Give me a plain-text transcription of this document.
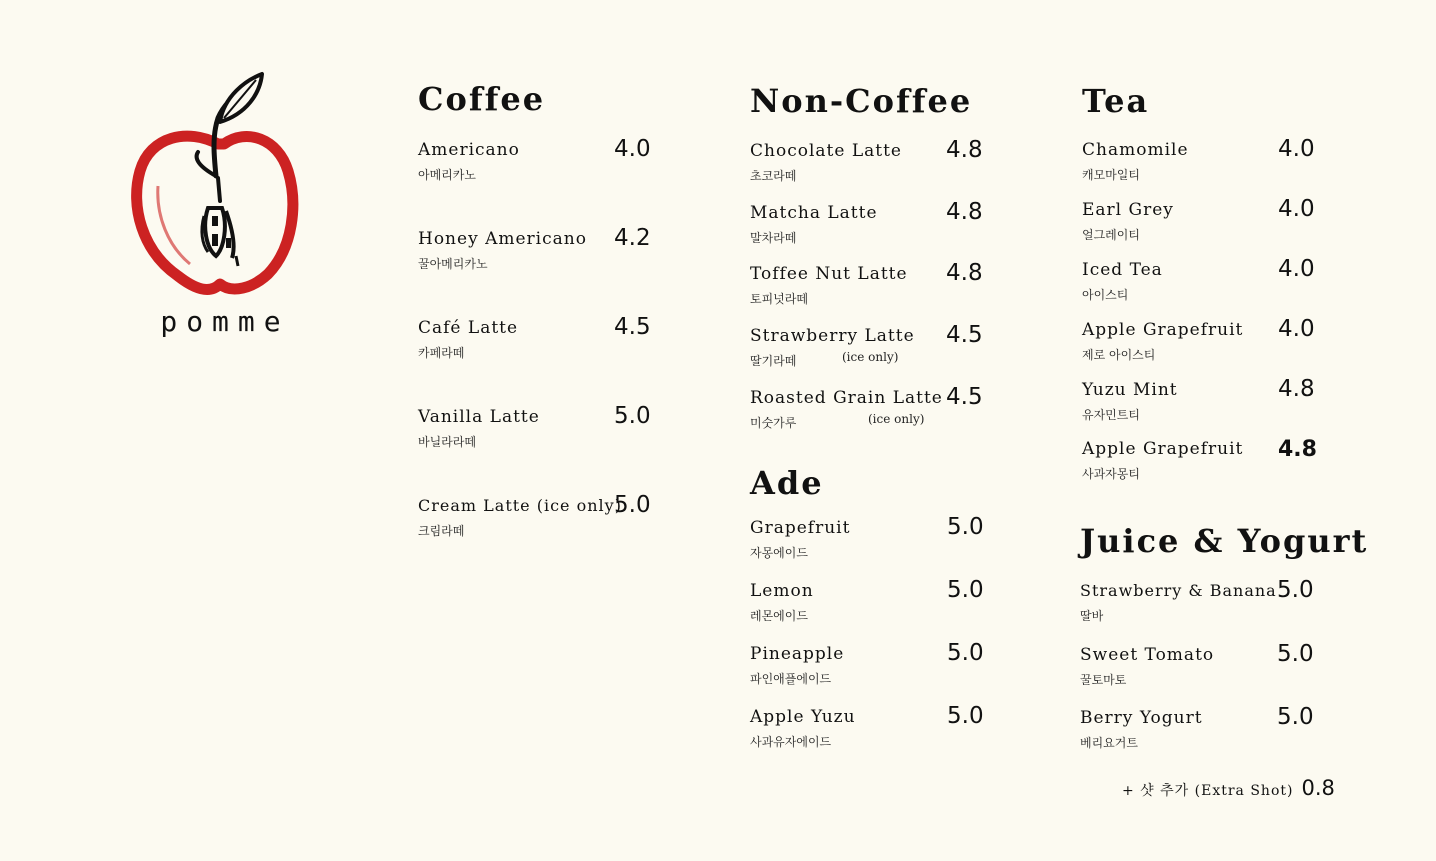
pomme
Coffee
Americano
아메리카노
4.0
Honey Americano
꿀아메리카노
4.2
Café Latte
카페라떼
4.5
Vanilla Latte
바닐라라떼
5.0
Cream Latte (ice only)
크림라떼
5.0
Non-Coffee
Chocolate Latte
초코라떼
4.8
Matcha Latte
말차라떼
4.8
Toffee Nut Latte
토피넛라떼
4.8
Strawberry Latte
딸기라떼	(ice only)
4.5
Roasted Grain Latte
미숫가루	(ice only)
4.5
Ade
Grapefruit
자몽에이드
5.0
Lemon
레몬에이드
5.0
Pineapple
파인애플에이드
5.0
Apple Yuzu
사과유자에이드
5.0
Tea
Chamomile
캐모마일티
4.0
Earl Grey
얼그레이티
4.0
Iced Tea
아이스티
4.0
Apple Grapefruit
제로 아이스티
4.0
Yuzu Mint
유자민트티
4.8
Apple Grapefruit
사과자몽티
4.8
Juice & Yogurt
Strawberry & Banana
딸바
5.0
Sweet Tomato
꿀토마토
5.0
Berry Yogurt
베리요거트
5.0
+ 샷 추가 (Extra Shot) 0.8
